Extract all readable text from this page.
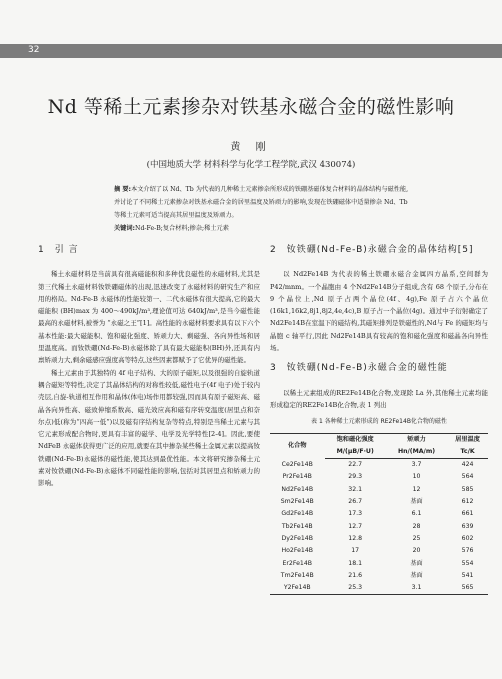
32
Nd 等稀土元素掺杂对铁基永磁合金的磁性影响
黄 刚
(中国地质大学 材料科学与化学工程学院,武汉 430074)
摘 要:本文介绍了以 Nd、Tb 为代表的几种稀土元素掺杂所形成的铁硼基磁体复合材料的晶体结构与磁性能,并讨论了不同稀土元素掺杂对铁基永磁合金的居里温度及矫顽力的影响,发现在铁硼磁体中适量掺杂 Nd、Tb 等稀土元素可适当提高其居里温度及矫顽力。
关键词:Nd-Fe-B;复合材料;掺杂;稀土元素
1 引 言

稀土永磁材料是当前具有很高磁能积和多种优良磁性的永磁材料,尤其是第三代稀土永磁材料钕铁硼磁体的出现,迅速改变了永磁材料的研究生产和应用的格局。Nd-Fe-B 永磁体的性能较第一、二代永磁体有很大提高,它的最大磁能积 (BH)max 为 400～490kJ/m³,理论值可达 640kJ/m³,是当今磁性能最高的永磁材料,被誉为 “永磁之王”[1]。高性能的永磁材料要求具有以下六个基本性能:最大磁能积、饱和磁化强度、矫顽力大、剩磁强、各向异性场和居里温度高。而钕铁硼(Nd-Fe-B)永磁体除了具有最大磁能积(BH)外,还具有内禀矫顽力大,剩余磁感应强度高等特点,这些因素都赋予了它优异的磁性能。

稀土元素由于其独特的 4f 电子结构、大的原子磁矩,以及很强的自旋轨道耦合磁矩等特性,决定了其晶体结构的对称性较低,磁性电子(4f 电子)处于较内壳层,自旋-轨道相互作用和晶体(体电)场作用都较强,因而具有原子磁矩高、磁晶各向异性高、磁致伸缩系数高、磁光效应高和磁有序转变温度(居里点和奈尔点)低(称为“四高一低”)以及磁有序结构复杂等特点,特别是当稀土元素与其它元素形成配合物时,更具有丰富的磁学、电学及光学特性[2-4]。因此,要使 NdFeB 永磁体获得更广泛的应用,就要在其中掺杂某些稀土金属元素以提高钕铁硼(Nd-Fe-B)永磁体的磁性能,使其达到最优性能。本文将研究掺杂稀土元素对钕铁硼(Nd-Fe-B)永磁体不同磁性能的影响,包括对其居里点和矫顽力的影响。

2 钕铁硼(Nd-Fe-B)永磁合金的晶体结构[5]

以 Nd2Fe14B 为代表的稀土铁硼永磁合金属四方晶系,空间群为 P42/mnm。一个晶胞由 4 个Nd2Fe14B分子组成,含有 68 个原子,分布在 9 个晶位上,Nd 原子占两个晶位(4f、4g),Fe 原子占六个晶位(16k1,16k2,8j1,8j2,4e,4c),B 原子占一个晶位(4g)。通过中子衍射确定了Nd2Fe14B在室温下的磁结构,其磁矩排列是铁磁性的,Nd与 Fe 的磁矩均与晶胞 c 轴平行,因此 Nd2Fe14B具有较高的饱和磁化强度和磁晶各向异性场。

3 钕铁硼(Nd-Fe-B)永磁合金的磁性能

以稀土元素组成的RE2Fe14B化合物,发现除 La 外,其他稀土元素均能形成稳定的RE2Fe14B化合物,表 1 列出

表 1 各种稀土元素形成的 RE2Fe14B化合物的磁性
化合物	饱和磁化强度	矫顽力	居里温度
	M/(μB/F·U)	Hn/(MA/m)	Tc/K
Ce2Fe14B	22.7	3.7	424
Pr2Fe14B	29.3	10	564
Nd2Fe14B	32.1	12	585
Sm2Fe14B	26.7	基面	612
Gd2Fe14B	17.3	6.1	661
Tb2Fe14B	12.7	28	639
Dy2Fe14B	12.8	25	602
Ho2Fe14B	17	20	576
Er2Fe14B	18.1	基面	554
Tm2Fe14B	21.6	基面	541
Y2Fe14B	25.3	3.1	565
